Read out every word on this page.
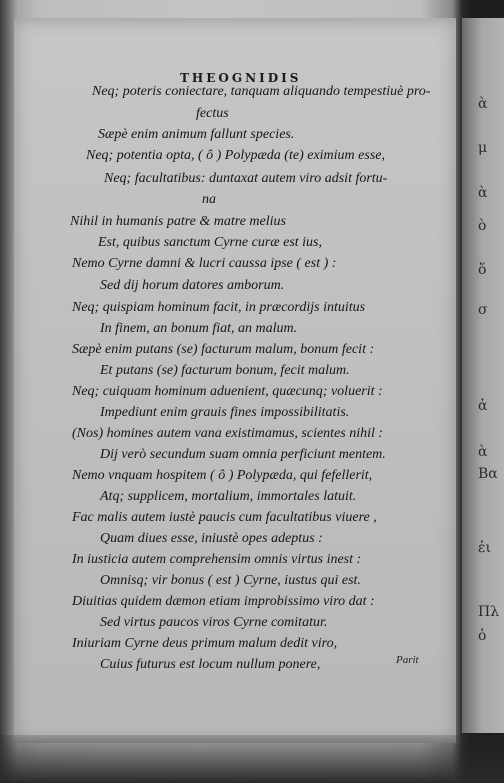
THEOGNIDIS
Neq; poteris coniectare, tanquam aliquando tempestiuè pro-
fectus
Sæpè enim animum fallunt species.
Neq; potentia opta, ( ô ) Polypæda (te) eximium esse,
Neq; facultatibus: duntaxat autem viro adsit fortu-
na
Nihil in humanis patre & matre melius
Est, quibus sanctum Cyrne curæ est ius,
Nemo Cyrne damni & lucri caussa ipse ( est ) :
Sed dij horum datores amborum.
Neq; quispiam hominum facit, in præcordijs intuitus
In finem, an bonum fiat, an malum.
Sæpè enim putans (se) facturum malum, bonum fecit :
Et putans (se) facturum bonum, fecit malum.
Neq; cuiquam hominum aduenient, quæcunq; voluerit :
Impediunt enim grauis fines impossibilitatis.
(Nos) homines autem vana existimamus, scientes nihil :
Dij verò secundum suam omnia perficiunt mentem.
Nemo vnquam hospitem ( ô ) Polypæda, qui fefellerit,
Atq; supplicem, mortalium, immortales latuit.
Fac malis autem iustè paucis cum facultatibus viuere ,
Quam diues esse, iniustè opes adeptus :
In iusticia autem comprehensim omnis virtus inest :
Omnisq; vir bonus ( est ) Cyrne, iustus qui est.
Diuitias quidem dæmon etiam improbissimo viro dat :
Sed virtus paucos viros Cyrne comitatur.
Iniuriam Cyrne deus primum malum dedit viro,
Cuius futurus est locum nullum ponere,
ὰ
μ
ὰ
ὸ
ὅ
σ
ἀ
ὰ
Βα
ἐι
Πλ
ὀ
Parit
